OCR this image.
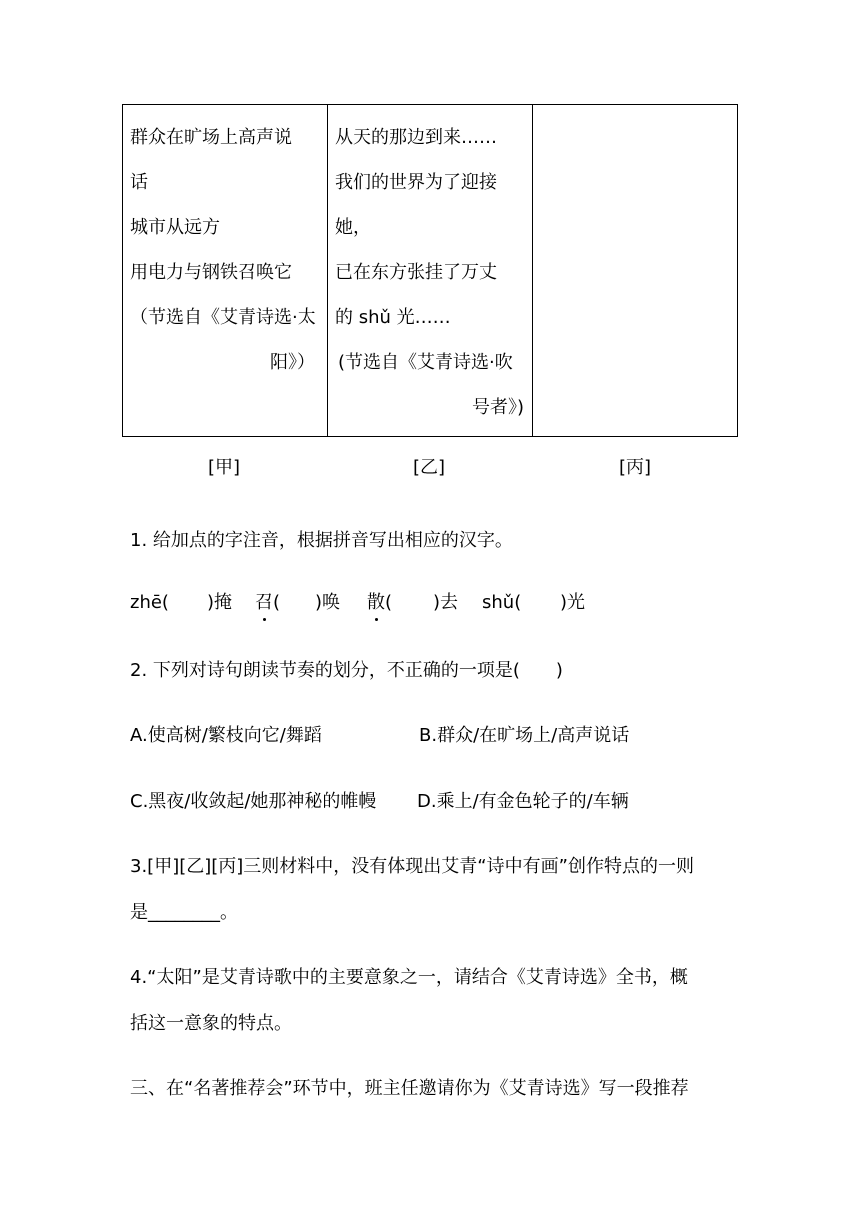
群众在旷场上高声说
话
城市从远方
用电力与钢铁召唤它
（节选自《艾青诗选·太
阳》）

从天的那边到来……
我们的世界为了迎接
她，
已在东方张挂了万丈
的 shǔ 光……
(节选自《艾青诗选·吹
号者》)

[甲]	[乙]	[丙]
1. 给加点的字注音，根据拼音写出相应的汉字。
zhē( )掩 召 ( )唤 散 ( )去 shǔ( )光
2. 下列对诗句朗读节奏的划分，不正确的一项是(　　)
A.使高树/繁枝向它/舞蹈	B.群众/在旷场上/高声说话
C.黑夜/收敛起/她那神秘的帷幔 D.乘上/有金色轮子的/车辆
3.[甲][乙][丙]三则材料中，没有体现出艾青“诗中有画”创作特点的一则
是________。
4.“太阳”是艾青诗歌中的主要意象之一，请结合《艾青诗选》全书，概
括这一意象的特点。
三、在“名著推荐会”环节中，班主任邀请你为《艾青诗选》写一段推荐
